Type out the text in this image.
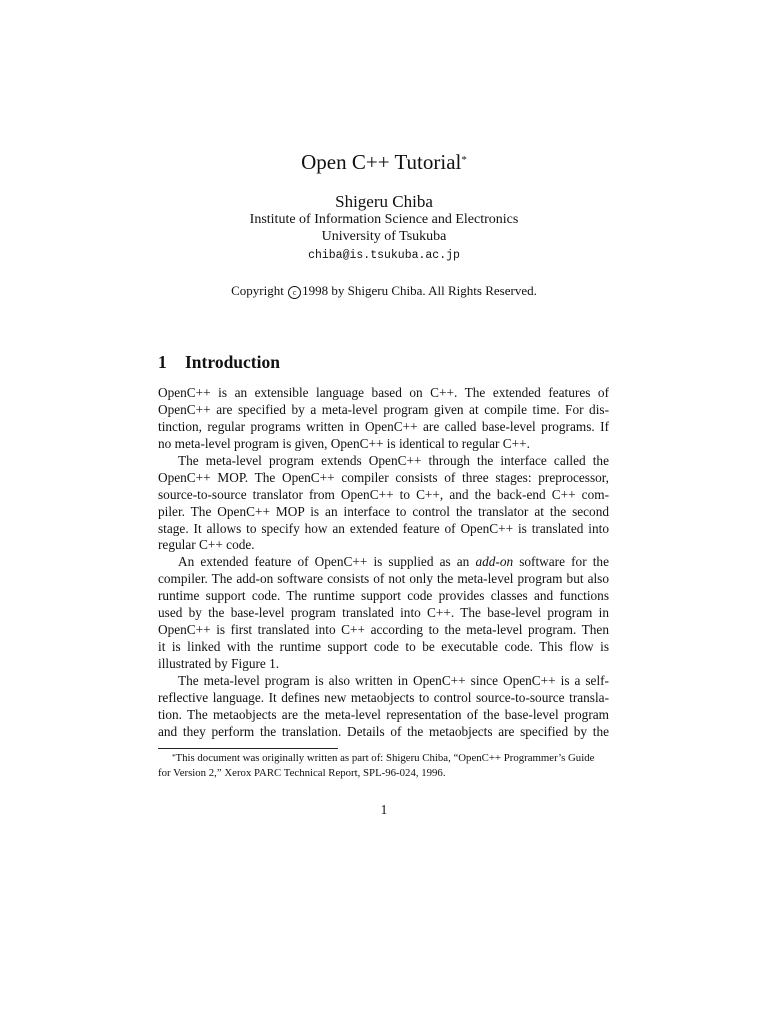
Open C++ Tutorial*
Shigeru Chiba
Institute of Information Science and Electronics
University of Tsukuba
chiba@is.tsukuba.ac.jp
Copyright c 1998 by Shigeru Chiba. All Rights Reserved.
1 Introduction
OpenC++ is an extensible language based on C++. The extended features of
OpenC++ are specified by a meta-level program given at compile time. For dis-
tinction, regular programs written in OpenC++ are called base-level programs. If
no meta-level program is given, OpenC++ is identical to regular C++.
The meta-level program extends OpenC++ through the interface called the
OpenC++ MOP. The OpenC++ compiler consists of three stages: preprocessor,
source-to-source translator from OpenC++ to C++, and the back-end C++ com-
piler. The OpenC++ MOP is an interface to control the translator at the second
stage. It allows to specify how an extended feature of OpenC++ is translated into
regular C++ code.
An extended feature of OpenC++ is supplied as an add-on software for the
compiler. The add-on software consists of not only the meta-level program but also
runtime support code. The runtime support code provides classes and functions
used by the base-level program translated into C++. The base-level program in
OpenC++ is first translated into C++ according to the meta-level program. Then
it is linked with the runtime support code to be executable code. This flow is
illustrated by Figure 1.
The meta-level program is also written in OpenC++ since OpenC++ is a self-
reflective language. It defines new metaobjects to control source-to-source transla-
tion. The metaobjects are the meta-level representation of the base-level program
and they perform the translation. Details of the metaobjects are specified by the
*This document was originally written as part of: Shigeru Chiba, “OpenC++ Programmer’s Guide
for Version 2,” Xerox PARC Technical Report, SPL-96-024, 1996.
1
